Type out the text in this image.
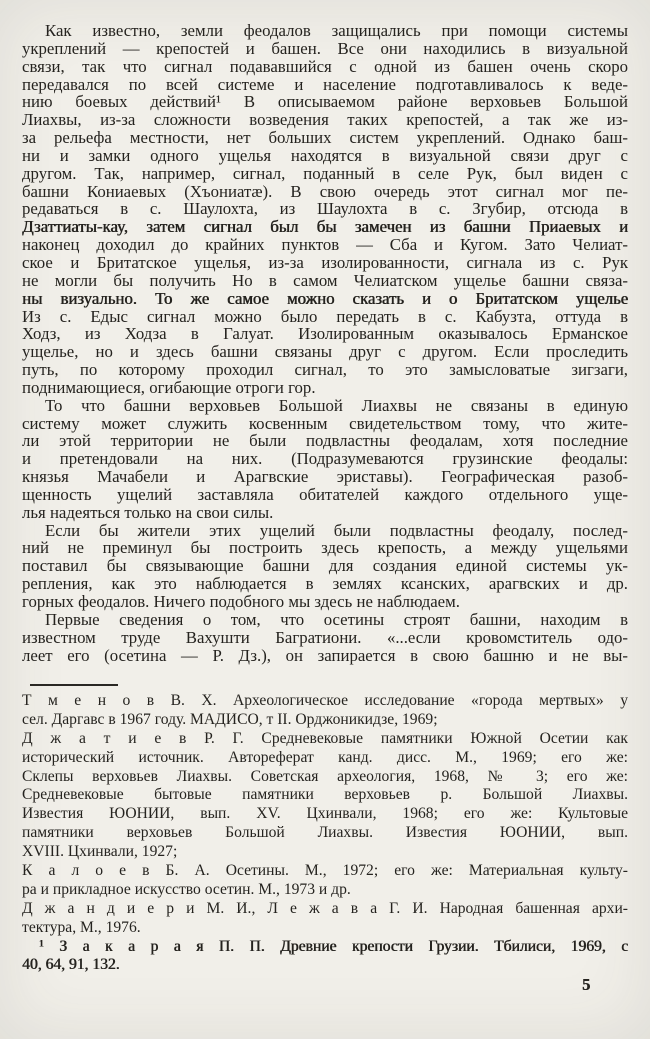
Как известно, земли феодалов защищались при помощи системы
укреплений — крепостей и башен. Все они находились в визуальной
связи, так что сигнал подававшийся с одной из башен очень скоро
передавался по всей системе и население подготавливалось к веде-
нию боевых действий¹ В описываемом районе верховьев Большой
Лиахвы, из-за сложности возведения таких крепостей, а так же из-
за рельефа местности, нет больших систем укреплений. Однако баш-
ни и замки одного ущелья находятся в визуальной связи друг с
другом. Так, например, сигнал, поданный в селе Рук, был виден с
башни Кониаевых (Хъониатæ). В свою очередь этот сигнал мог пе-
редаваться в с. Шаулохта, из Шаулохта в с. Згубир, отсюда в
Дзаттиаты-кау, затем сигнал был бы замечен из башни Приаевых и
наконец доходил до крайних пунктов — Сба и Кугом. Зато Челиат-
ское и Бритатское ущелья, из-за изолированности, сигнала из с. Рук
не могли бы получить Но в самом Челиатском ущелье башни связа-
ны визуально. То же самое можно сказать и о Бритатском ущелье
Из с. Едыс сигнал можно было передать в с. Кабузта, оттуда в
Ходз, из Ходза в Галуат. Изолированным оказывалось Ерманское
ущелье, но и здесь башни связаны друг с другом. Если проследить
путь, по которому проходил сигнал, то это замысловатые зигзаги,
поднимающиеся, огибающие отроги гор.
То что башни верховьев Большой Лиахвы не связаны в единую
систему может служить косвенным свидетельством тому, что жите-
ли этой территории не были подвластны феодалам, хотя последние
и претендовали на них. (Подразумеваются грузинские феодалы:
князья Мачабели и Арагвские эриставы). Географическая разоб-
щенность ущелий заставляла обитателей каждого отдельного уще-
лья надеяться только на свои силы.
Если бы жители этих ущелий были подвластны феодалу, послед-
ний не преминул бы построить здесь крепость, а между ущельями
поставил бы связывающие башни для создания единой системы ук-
репления, как это наблюдается в землях ксанских, арагвских и др.
горных феодалов. Ничего подобного мы здесь не наблюдаем.
Первые сведения о том, что осетины строят башни, находим в
известном труде Вахушти Багратиони. «...если кровомститель одо-
леет его (осетина — Р. Дз.), он запирается в свою башню и не вы-
Т м е н о в В. Х. Археологическое исследование «города мертвых» у
сел. Даргавс в 1967 году. МАДИСО, т II. Орджоникидзе, 1969;
Д ж а т и е в Р. Г. Средневековые памятники Южной Осетии как
исторический источник. Автореферат канд. дисс. М., 1969; его же:
Склепы верховьев Лиахвы. Советская археология, 1968, № 3; его же:
Средневековые бытовые памятники верховьев р. Большой Лиахвы.
Известия ЮОНИИ, вып. XV. Цхинвали, 1968; его же: Культовые
памятники верховьев Большой Лиахвы. Известия ЮОНИИ, вып.
XVIII. Цхинвали, 1927;
К а л о е в Б. А. Осетины. М., 1972; его же: Материальная культу-
ра и прикладное искусство осетин. М., 1973 и др.
Д ж а н д и е р и М. И., Л е ж а в а Г. И. Народная башенная архи-
тектура, М., 1976.
¹ З а к а р а я П. П. Древние крепости Грузии. Тбилиси, 1969, с
40, 64, 91, 132.
5
